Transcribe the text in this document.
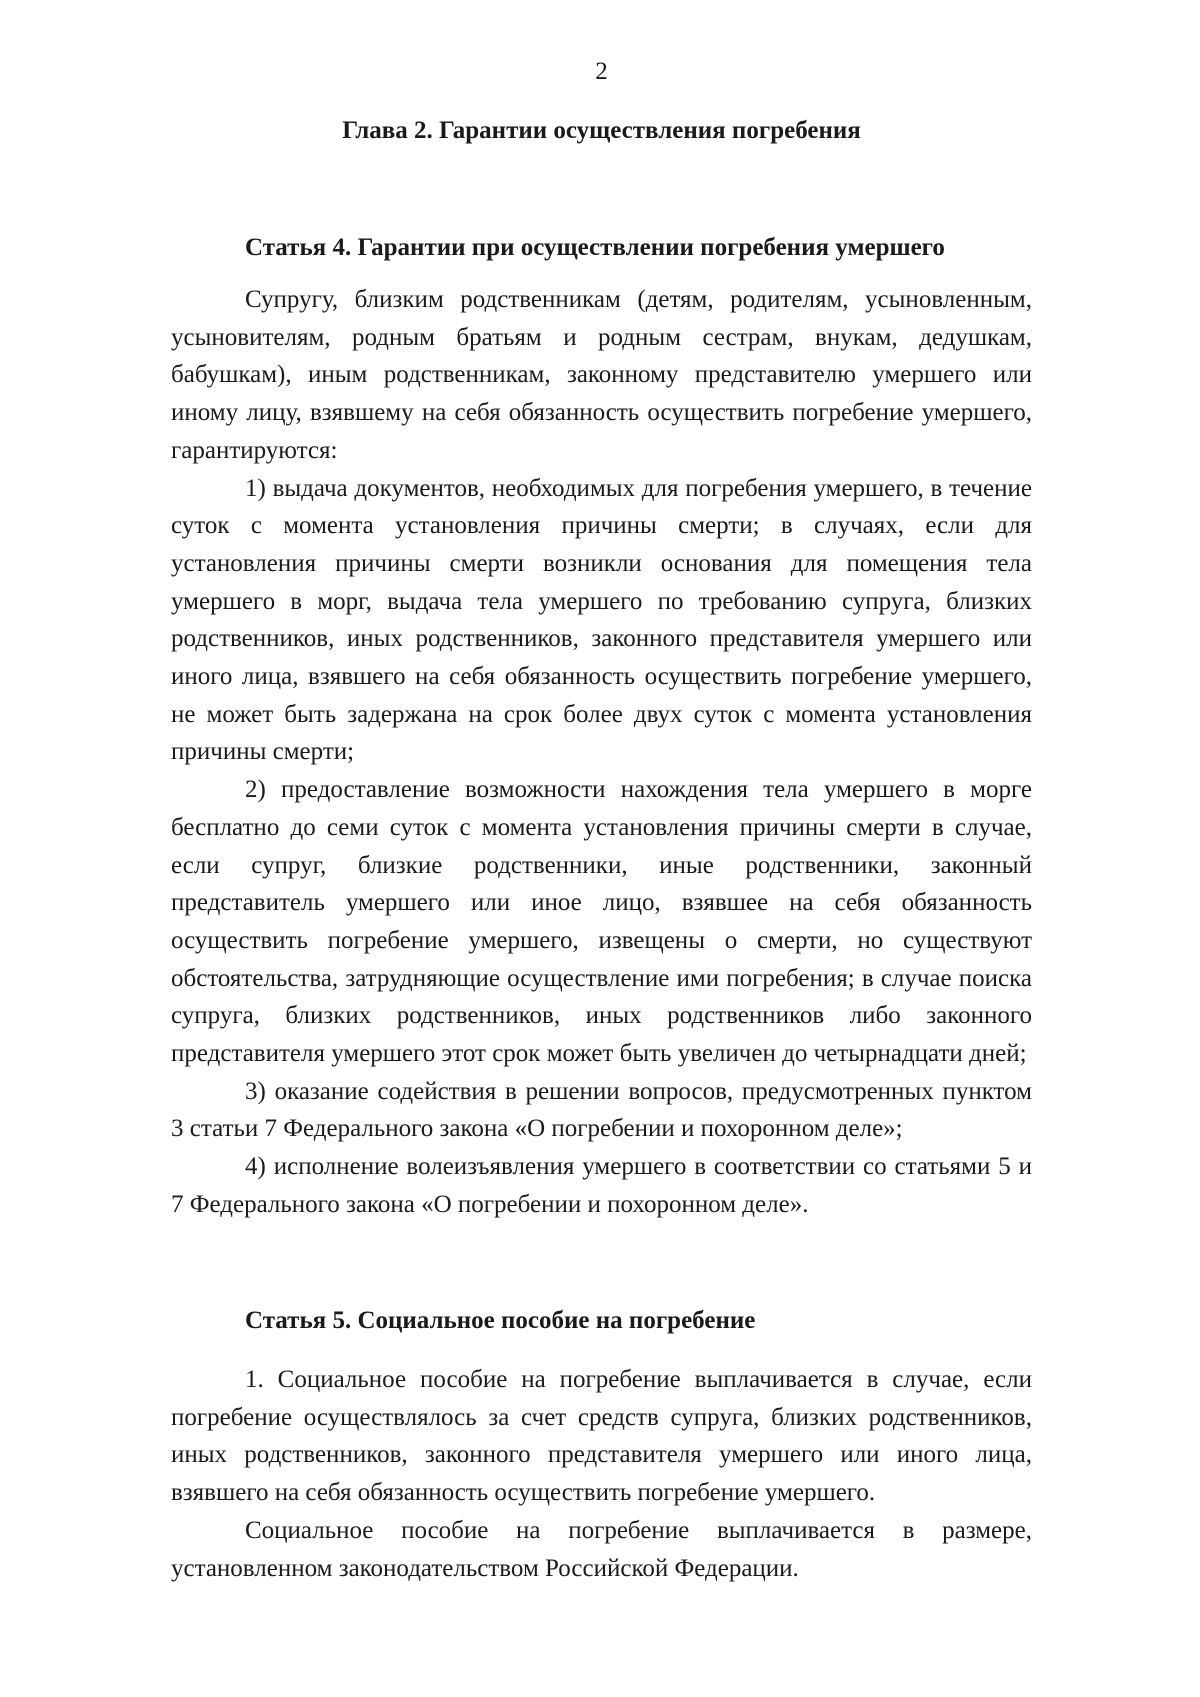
2
Глава 2. Гарантии осуществления погребения
Статья 4. Гарантии при осуществлении погребения умершего

Супругу, близким родственникам (детям, родителям, усыновленным, усыновителям, родным братьям и родным сестрам, внукам, дедушкам, бабушкам), иным родственникам, законному представителю умершего или иному лицу, взявшему на себя обязанность осуществить погребение умершего, гарантируются:

1) выдача документов, необходимых для погребения умершего, в течение суток с момента установления причины смерти; в случаях, если для установления причины смерти возникли основания для помещения тела умершего в морг, выдача тела умершего по требованию супруга, близких родственников, иных родственников, законного представителя умершего или иного лица, взявшего на себя обязанность осуществить погребение умершего, не может быть задержана на срок более двух суток с момента установления причины смерти;

2) предоставление возможности нахождения тела умершего в морге бесплатно до семи суток с момента установления причины смерти в случае, если супруг, близкие родственники, иные родственники, законный представитель умершего или иное лицо, взявшее на себя обязанность осуществить погребение умершего, извещены о смерти, но существуют обстоятельства, затрудняющие осуществление ими погребения; в случае поиска супруга, близких родственников, иных родственников либо законного представителя умершего этот срок может быть увеличен до четырнадцати дней;

3) оказание содействия в решении вопросов, предусмотренных пунктом 3 статьи 7 Федерального закона «О погребении и похоронном деле»;

4) исполнение волеизъявления умершего в соответствии со статьями 5 и 7 Федерального закона «О погребении и похоронном деле».

Статья 5. Социальное пособие на погребение

1. Социальное пособие на погребение выплачивается в случае, если погребение осуществлялось за счет средств супруга, близких родственников, иных родственников, законного представителя умершего или иного лица, взявшего на себя обязанность осуществить погребение умершего.

Социальное пособие на погребение выплачивается в размере, установленном законодательством Российской Федерации.
